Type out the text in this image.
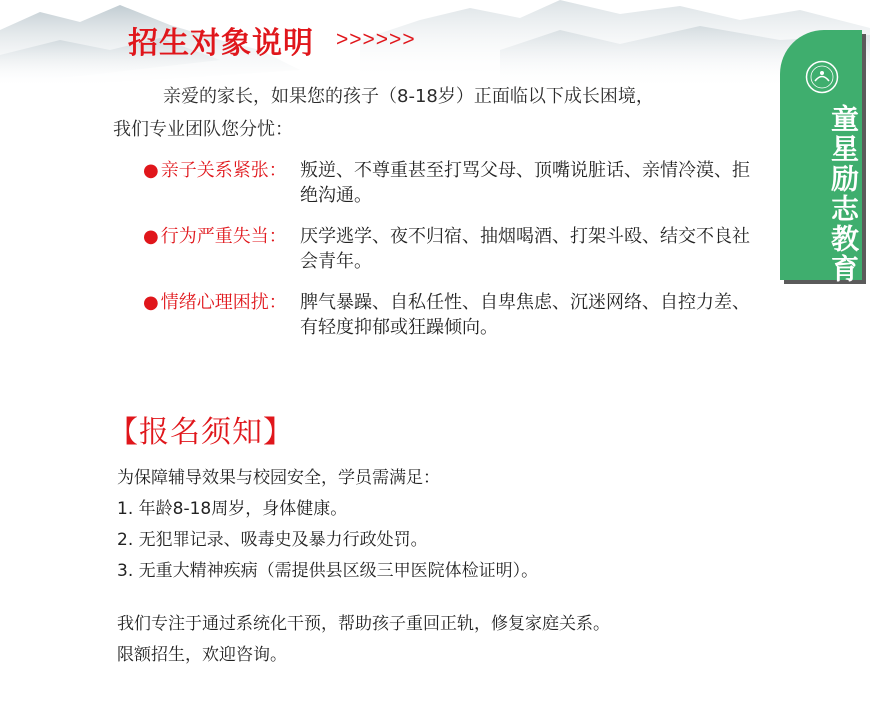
招生对象说明 >>>>>>
亲爱的家长，如果您的孩子（8-18岁）正面临以下成长困境，
我们专业团队您分忧：
● 亲子关系紧张： 叛逆、不尊重甚至打骂父母、顶嘴说脏话、亲情冷漠、拒绝沟通。
● 行为严重失当： 厌学逃学、夜不归宿、抽烟喝酒、打架斗殴、结交不良社会青年。
● 情绪心理困扰： 脾气暴躁、自私任性、自卑焦虑、沉迷网络、自控力差、有轻度抑郁或狂躁倾向。
童星励志教育
【报名须知】
为保障辅导效果与校园安全，学员需满足：
1. 年龄8-18周岁，身体健康。
2. 无犯罪记录、吸毒史及暴力行政处罚。
3. 无重大精神疾病（需提供县区级三甲医院体检证明）。
我们专注于通过系统化干预，帮助孩子重回正轨，修复家庭关系。
限额招生，欢迎咨询。
